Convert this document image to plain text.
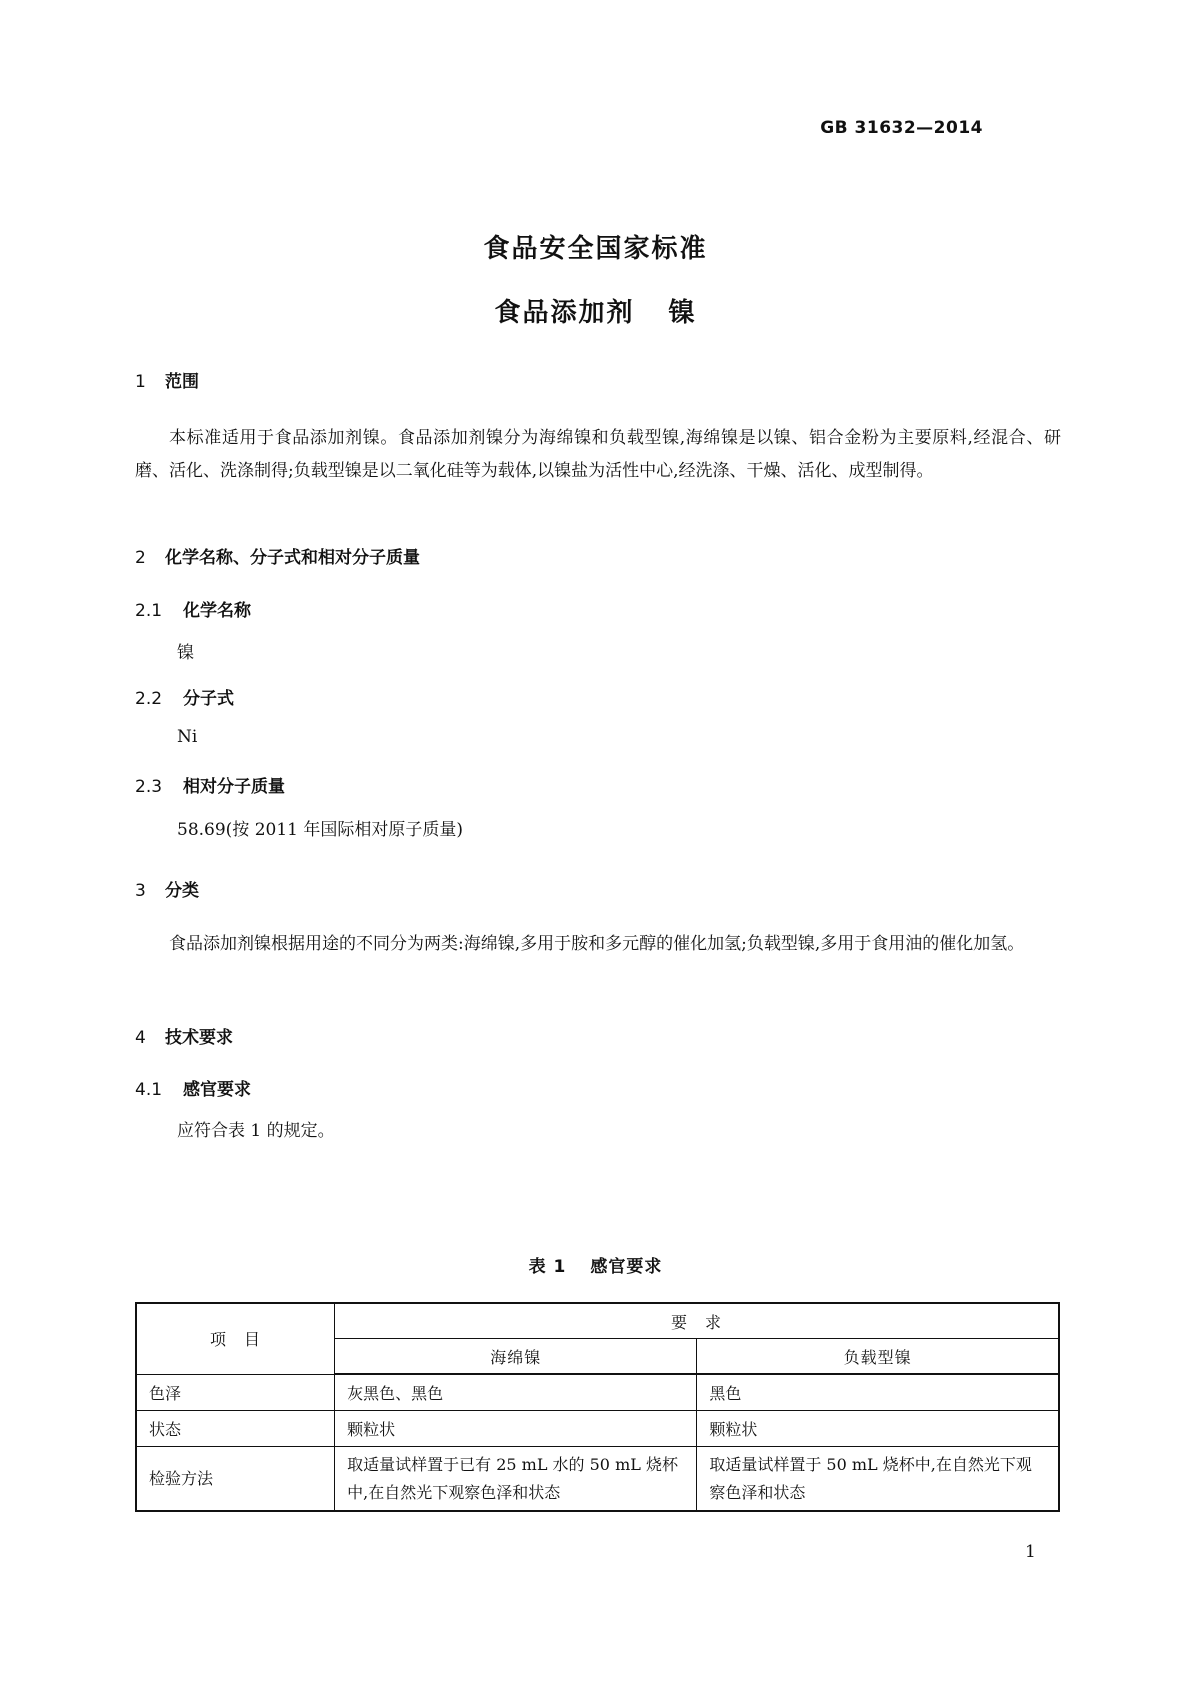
GB 31632—2014
食品安全国家标准
食品添加剂 镍
1 范围
本标准适用于食品添加剂镍。食品添加剂镍分为海绵镍和负载型镍,海绵镍是以镍、铝合金粉为主要原料,经混合、研磨、活化、洗涤制得;负载型镍是以二氧化硅等为载体,以镍盐为活性中心,经洗涤、干燥、活化、成型制得。
2 化学名称、分子式和相对分子质量
2.1 化学名称
镍
2.2 分子式
Ni
2.3 相对分子质量
58.69(按 2011 年国际相对原子质量)
3 分类
食品添加剂镍根据用途的不同分为两类:海绵镍,多用于胺和多元醇的催化加氢;负载型镍,多用于食用油的催化加氢。
4 技术要求
4.1 感官要求
应符合表 1 的规定。
表 1 感官要求
项　目	要　求	
	海绵镍	负载型镍
色泽	灰黑色、黑色	黑色
状态	颗粒状	颗粒状
检验方法	取适量试样置于已有 25 mL 水的 50 mL 烧杯中,在自然光下观察色泽和状态	取适量试样置于 50 mL 烧杯中,在自然光下观察色泽和状态
1
